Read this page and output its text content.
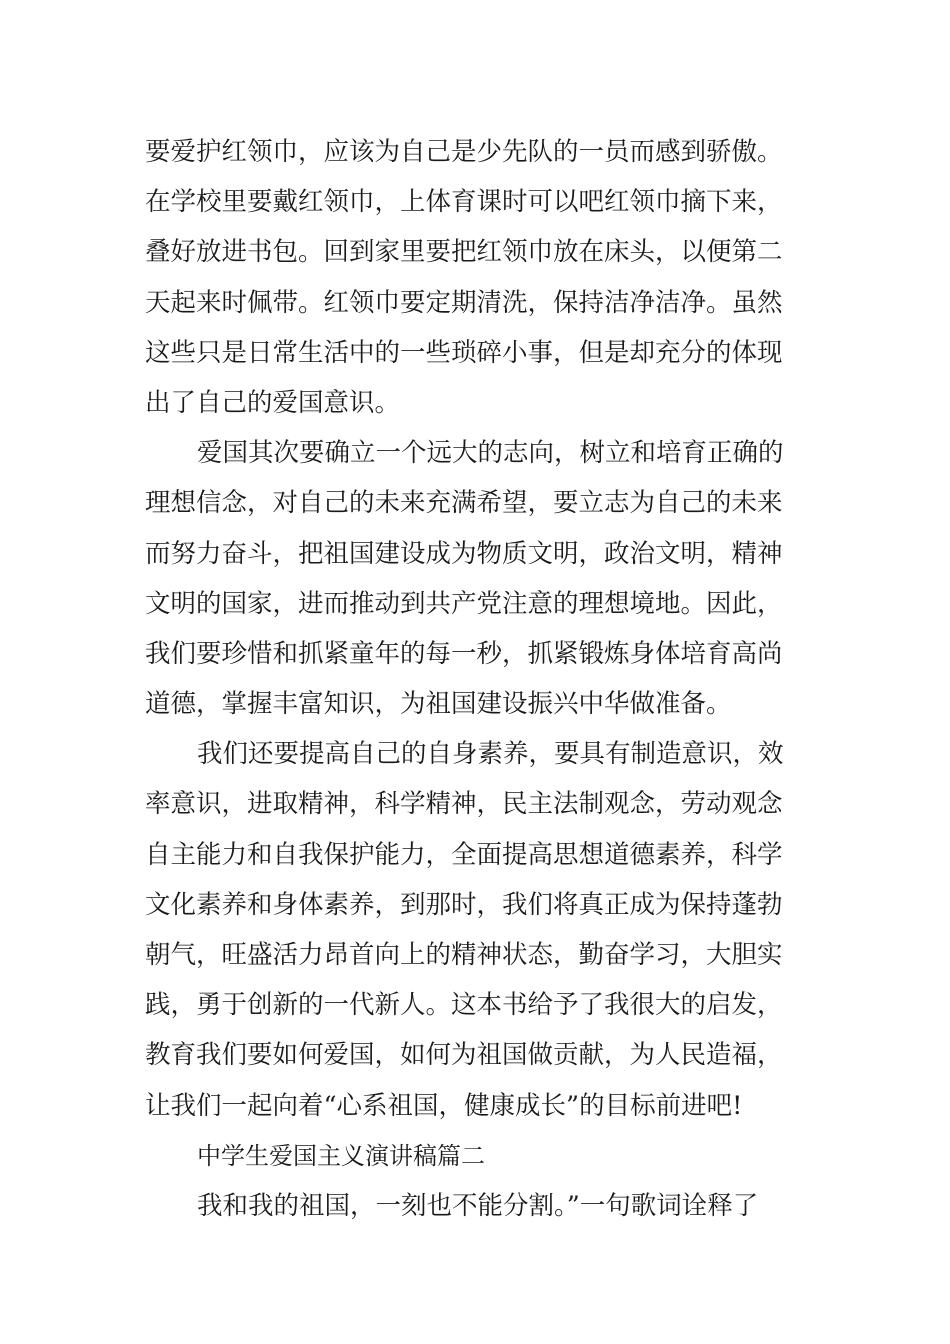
要爱护红领巾，应该为自己是少先队的一员而感到骄傲。
在学校里要戴红领巾，上体育课时可以吧红领巾摘下来，
叠好放进书包。回到家里要把红领巾放在床头，以便第二
天起来时佩带。红领巾要定期清洗，保持洁净洁净。虽然
这些只是日常生活中的一些琐碎小事，但是却充分的体现
出了自己的爱国意识。
爱国其次要确立一个远大的志向，树立和培育正确的
理想信念，对自己的未来充满希望，要立志为自己的未来
而努力奋斗，把祖国建设成为物质文明，政治文明，精神
文明的国家，进而推动到共产党注意的理想境地。因此，
我们要珍惜和抓紧童年的每一秒，抓紧锻炼身体培育高尚
道德，掌握丰富知识，为祖国建设振兴中华做准备。
我们还要提高自己的自身素养，要具有制造意识，效
率意识，进取精神，科学精神，民主法制观念，劳动观念
自主能力和自我保护能力，全面提高思想道德素养，科学
文化素养和身体素养，到那时，我们将真正成为保持蓬勃
朝气，旺盛活力昂首向上的精神状态，勤奋学习，大胆实
践，勇于创新的一代新人。这本书给予了我很大的启发，
教育我们要如何爱国，如何为祖国做贡献，为人民造福，
让我们一起向着“心系祖国，健康成长”的目标前进吧!
中学生爱国主义演讲稿篇二
我和我的祖国，一刻也不能分割。”一句歌词诠释了
